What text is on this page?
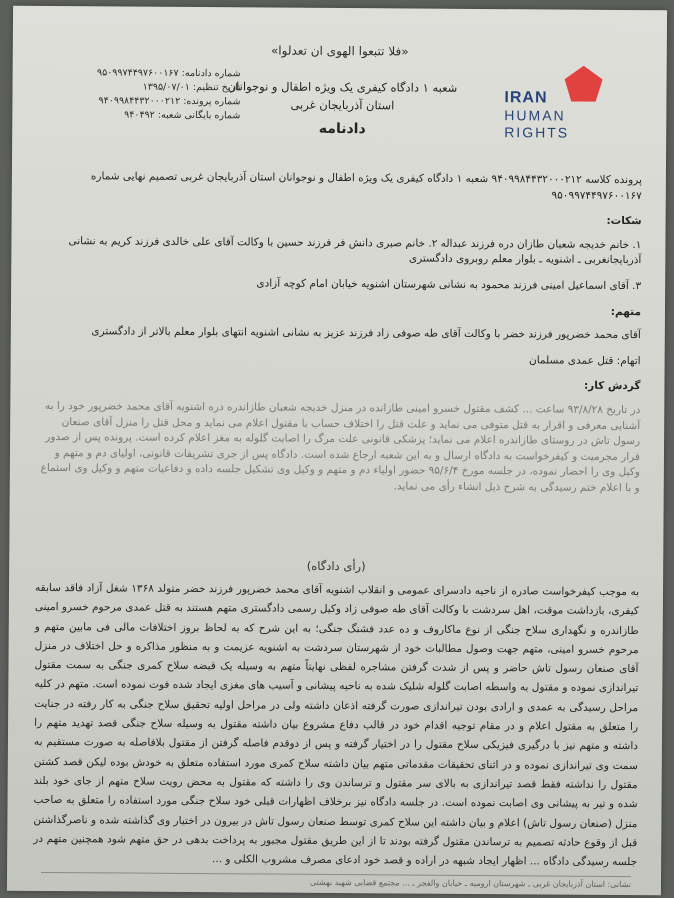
«فلا تتبعوا الهوی ان تعدلوا»
شماره دادنامه: ۹۵۰۹۹۷۴۴۹۷۶۰۰۱۶۷
تاریخ تنظیم: ۱۳۹۵/۰۷/۰۱
شماره پرونده: ۹۴۰۹۹۸۴۴۳۲۰۰۰۲۱۲
شماره بایگانی شعبه: ۹۴۰۴۹۲
شعبه ۱ دادگاه کیفری یک ویژه اطفال و نوجوانان
استان آذربایجان غربی
دادنامه
IRAN
HUMAN
RIGHTS

پرونده کلاسه ۹۴۰۹۹۸۴۴۳۲۰۰۰۲۱۲ شعبه ۱ دادگاه کیفری یک ویژه اطفال و نوجوانان استان آذربایجان غربی تصمیم نهایی شماره ۹۵۰۹۹۷۴۴۹۷۶۰۰۱۶۷

شکات:

۱. خانم خدیجه شعبان طازان دره فرزند عبداله ۲. خانم صبری دانش فر فرزند حسین با وکالت آقای علی خالدی فرزند کریم به نشانی آذربایجانغربی ـ اشنویه ـ بلوار معلم روبروی دادگستری

۳. آقای اسماعیل امینی فرزند محمود به نشانی شهرستان اشنویه خیابان امام کوچه آزادی

متهم:

آقای محمد خضرپور فرزند خضر با وکالت آقای طه صوفی زاد فرزند عزیز به نشانی اشنویه انتهای بلوار معلم بالاتر از دادگستری

اتهام: قتل عمدی مسلمان

گردش کار:

در تاریخ ۹۳/۸/۲۸ ساعت ... کشف مقتول خسرو امینی طازانده در منزل خدیجه شعبان طازاندره دره اشنویه آقای محمد خضرپور خود را به آشنایی معرفی و اقرار به قتل متوفی می نماید و علت قتل را اختلاف حساب با مقتول اعلام می نماید و محل قتل را منزل آقای صنعان رسول تاش در روستای طازاندره اعلام می نماید؛ پزشکی قانونی علت مرگ را اصابت گلوله به مغز اعلام کرده است. پرونده پس از صدور قرار مجرمیت و کیفرخواست به دادگاه ارسال و به این شعبه ارجاع شده است. دادگاه پس از جری تشریفات قانونی، اولیای دم و متهم و وکیل وی را احضار نموده، در جلسه مورخ ۹۵/۶/۴ حضور اولیاء دم و متهم و وکیل وی تشکیل جلسه داده و دفاعیات متهم و وکیل وی استماع و با اعلام ختم رسیدگی به شرح ذیل انشاء رأی می نماید.

(رأی دادگاه)

به موجب کیفرخواست صادره از ناحیه دادسرای عمومی و انقلاب اشنویه آقای محمد خضرپور فرزند خضر متولد ۱۳۶۸ شغل آزاد فاقد سابقه کیفری، بازداشت موقت، اهل سردشت با وکالت آقای طه صوفی زاد وکیل رسمی دادگستری متهم هستند به قتل عمدی مرحوم خسرو امینی طازاندره و نگهداری سلاح جنگی از نوع ماکاروف و ده عدد فشنگ جنگی؛ به این شرح که به لحاظ بروز اختلافات مالی فی مابین متهم و مرحوم خسرو امینی، متهم جهت وصول مطالبات خود از شهرستان سردشت به اشنویه عزیمت و به منظور مذاکره و حل اختلاف در منزل آقای صنعان رسول تاش حاضر و پس از شدت گرفتن مشاجره لفظی نهایتاً متهم به وسیله یک قبضه سلاح کمری جنگی به سمت مقتول تیراندازی نموده و مقتول به واسطه اصابت گلوله شلیک شده به ناحیه پیشانی و آسیب های مغزی ایجاد شده فوت نموده است. متهم در کلیه مراحل رسیدگی به عمدی و ارادی بودن تیراندازی صورت گرفته اذعان داشته ولی در مراحل اولیه تحقیق سلاح جنگی به کار رفته در جنایت را متعلق به مقتول اعلام و در مقام توجیه اقدام خود در قالب دفاع مشروع بیان داشته مقتول به وسیله سلاح جنگی قصد تهدید متهم را داشته و متهم نیز با درگیری فیزیکی سلاح مقتول را در اختیار گرفته و پس از دوقدم فاصله گرفتن از مقتول بلافاصله به صورت مستقیم به سمت وی تیراندازی نموده و در اثنای تحقیقات مقدماتی متهم بیان داشته سلاح کمری مورد استفاده متعلق به خودش بوده لیکن قصد کشتن مقتول را نداشته فقط قصد تیراندازی به بالای سر مقتول و ترساندن وی را داشته که مقتول به محض رویت سلاح متهم از جای خود بلند شده و تیر به پیشانی وی اصابت نموده است. در جلسه دادگاه نیز برخلاف اظهارات قبلی خود سلاح جنگی مورد استفاده را متعلق به صاحب منزل (صنعان رسول تاش) اعلام و بیان داشته این سلاح کمری توسط صنعان رسول تاش در بیرون در اختیار وی گذاشته شده و ناصرگذاشتن قبل از وقوع حادثه تصمیم به ترساندن مقتول گرفته بودند تا از این طریق مقتول مجبور به پرداخت بدهی در حق متهم شود همچنین متهم در جلسه رسیدگی دادگاه ... اظهار ایجاد شبهه در اراده و قصد خود ادعای مصرف مشروب الکلی و ...

نشانی: استان آذربایجان غربی ـ شهرستان ارومیه ـ خیابان والفجر ـ ... مجتمع قضایی شهید بهشتی
